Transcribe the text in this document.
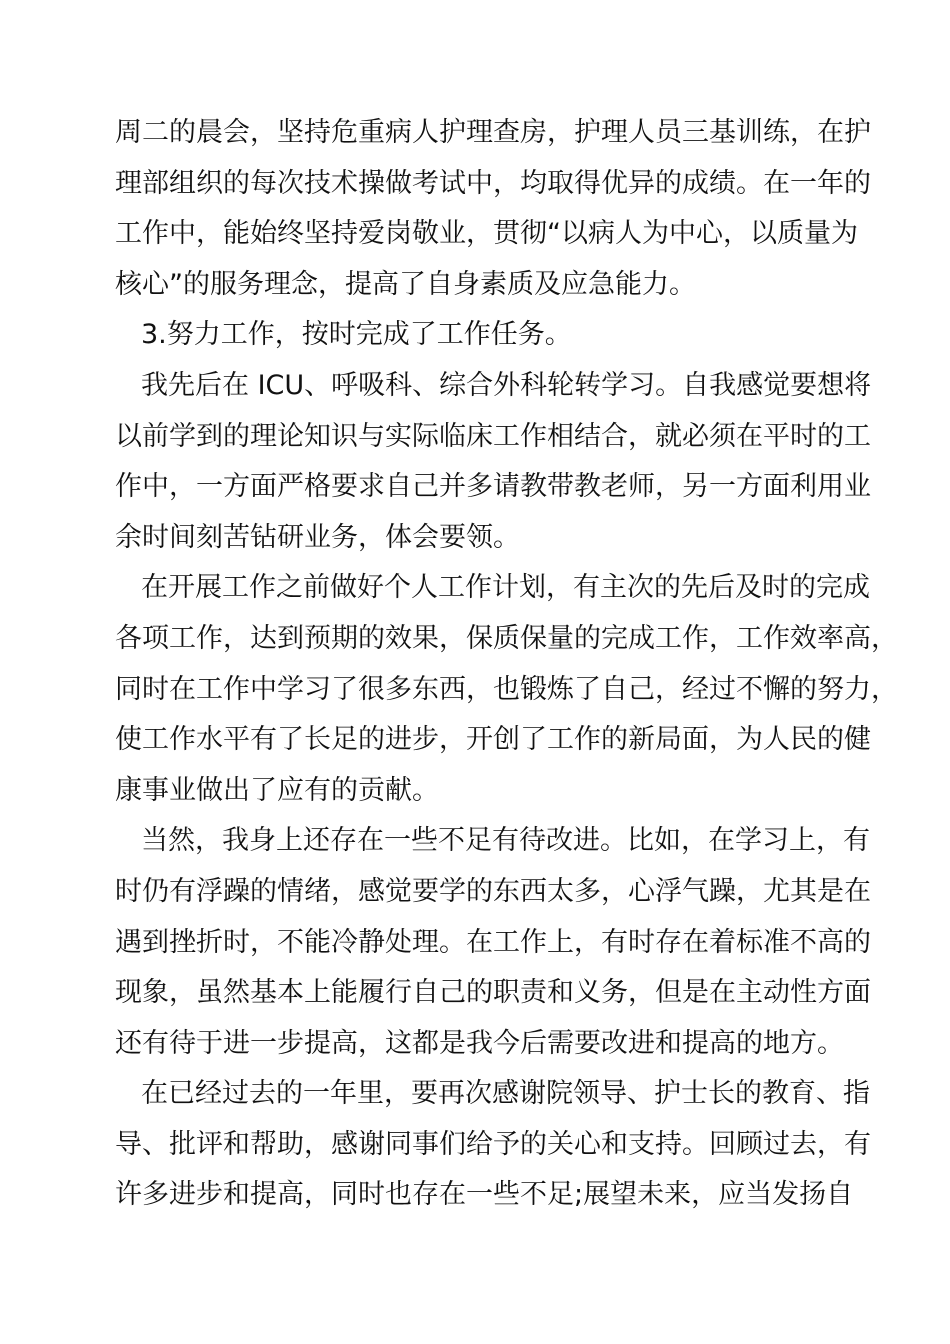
周二的晨会，坚持危重病人护理查房，护理人员三基训练，在护
理部组织的每次技术操做考试中，均取得优异的成绩。在一年的
工作中，能始终坚持爱岗敬业，贯彻“以病人为中心，以质量为
核心”的服务理念，提高了自身素质及应急能力。
3.努力工作，按时完成了工作任务。
我先后在 ICU、呼吸科、综合外科轮转学习。自我感觉要想将
以前学到的理论知识与实际临床工作相结合，就必须在平时的工
作中，一方面严格要求自己并多请教带教老师，另一方面利用业
余时间刻苦钻研业务，体会要领。
在开展工作之前做好个人工作计划，有主次的先后及时的完成
各项工作，达到预期的效果，保质保量的完成工作，工作效率高，
同时在工作中学习了很多东西，也锻炼了自己，经过不懈的努力，
使工作水平有了长足的进步，开创了工作的新局面，为人民的健
康事业做出了应有的贡献。
当然，我身上还存在一些不足有待改进。比如，在学习上，有
时仍有浮躁的情绪，感觉要学的东西太多，心浮气躁，尤其是在
遇到挫折时，不能冷静处理。在工作上，有时存在着标准不高的
现象，虽然基本上能履行自己的职责和义务，但是在主动性方面
还有待于进一步提高，这都是我今后需要改进和提高的地方。
在已经过去的一年里，要再次感谢院领导、护士长的教育、指
导、批评和帮助，感谢同事们给予的关心和支持。回顾过去，有
许多进步和提高，同时也存在一些不足;展望未来，应当发扬自
